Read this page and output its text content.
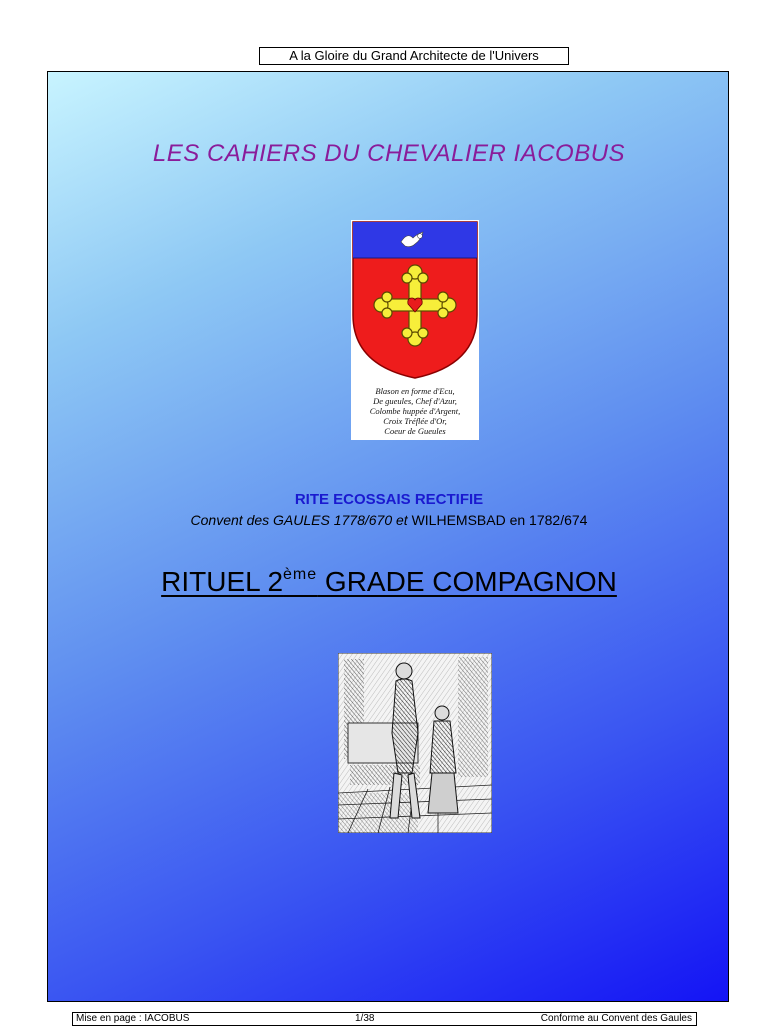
A la Gloire du Grand Architecte de l'Univers
LES CAHIERS DU CHEVALIER IACOBUS
Blason en forme d'Ecu,
De gueules, Chef d'Azur,
Colombe huppée d'Argent,
Croix Tréflée d'Or,
Coeur de Gueules
RITE ECOSSAIS RECTIFIE
Convent des GAULES 1778/670 et WILHEMSBAD en 1782/674
RITUEL 2ème GRADE COMPAGNON
Mise en page : IACOBUS	1/38	Conforme au Convent des Gaules
